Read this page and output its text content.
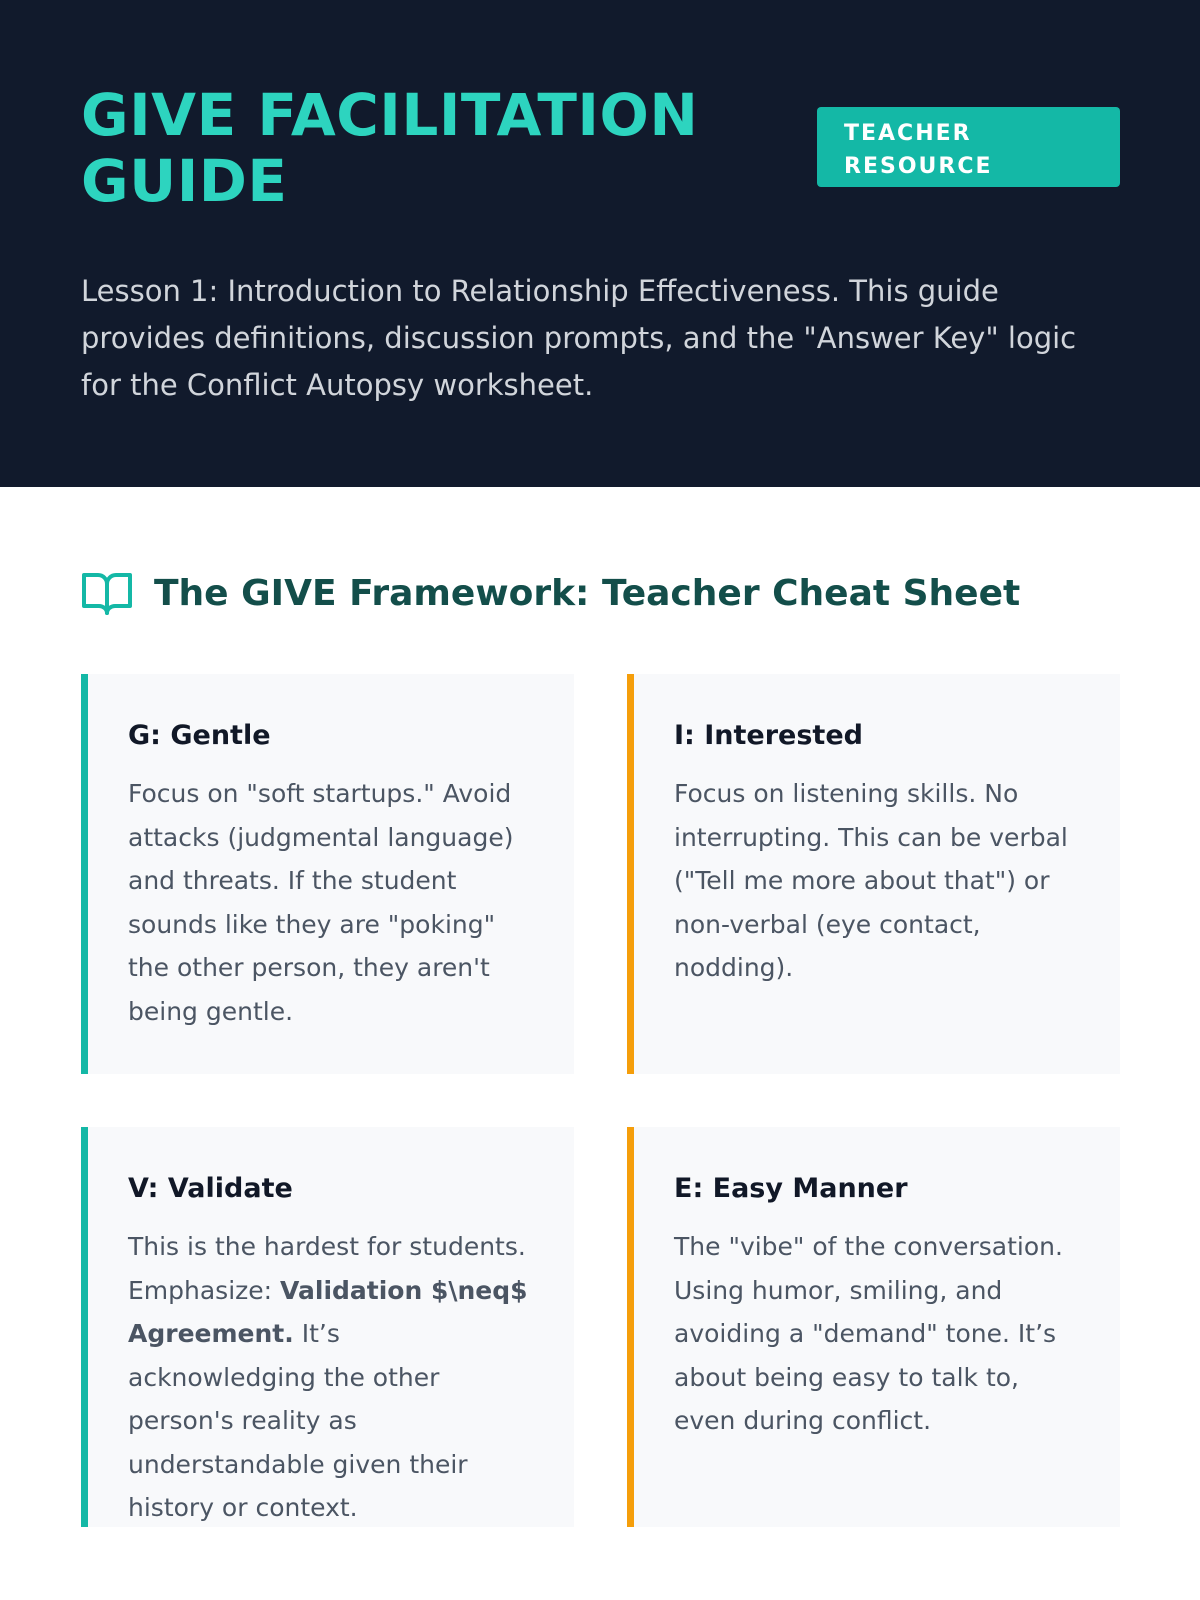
GIVE FACILITATION
GUIDE
TEACHER
RESOURCE

Lesson 1: Introduction to Relationship Effectiveness. This guide provides definitions, discussion prompts, and the "Answer Key" logic for the Conflict Autopsy worksheet.

The GIVE Framework: Teacher Cheat Sheet
G: Gentle

Focus on "soft startups." Avoid attacks (judgmental language) and threats. If the student sounds like they are "poking" the other person, they aren't being gentle.

I: Interested

Focus on listening skills. No interrupting. This can be verbal ("Tell me more about that") or non-verbal (eye contact, nodding).

V: Validate

This is the hardest for students. Emphasize: Validation $\neq$ Agreement. It’s acknowledging the other person's reality as understandable given their history or context.

E: Easy Manner

The "vibe" of the conversation. Using humor, smiling, and avoiding a "demand" tone. It’s about being easy to talk to, even during conflict.
